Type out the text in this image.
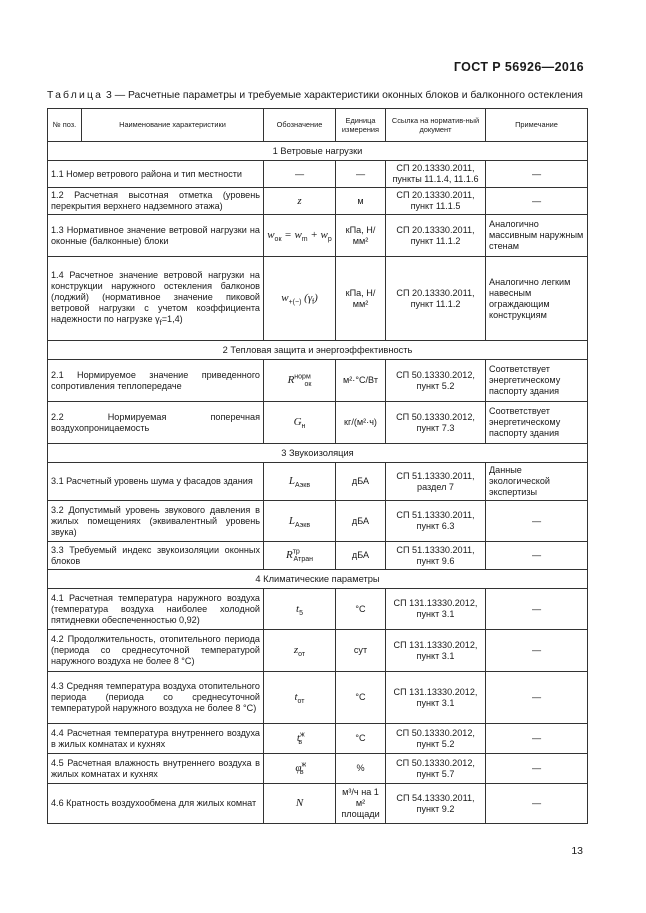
ГОСТ Р 56926—2016
Таблица 3 — Расчетные параметры и требуемые характеристики оконных блоков и балконного остекления
№ поз.	Наименование характеристики	Обозначение	Единица измерения	Ссылка на норматив-ный документ	Примечание
1 Ветровые нагрузки					
1.1 Номер ветрового района и тип местности		—	—	СП 20.13330.2011, пункты 11.1.4, 11.1.6	—
1.2 Расчетная высотная отметка (уровень перекрытия верхнего надземного этажа)		z	м	СП 20.13330.2011, пункт 11.1.5	—
1.3 Нормативное значение ветровой нагрузки на оконные (балконные) блоки		$w_{ок} = w_m + w_p$	кПа, Н/мм²	СП 20.13330.2011, пункт 11.1.2	Аналогично массивным наружным стенам
1.4 Расчетное значение ветровой нагрузки на конструкции наружного остекления балконов (лоджий) (нормативное значение пиковой ветровой нагрузки с учетом коэффициента надежности по нагрузке $\gamma_f=1,4$)		$w_{+(-)}$ $(\gamma_f)$	кПа, Н/мм²	СП 20.13330.2011, пункт 11.1.2	Аналогично легким навесным ограждающим конструкциям
2 Тепловая защита и энергоэффективность					
2.1 Нормируемое значение приведенного сопротивления теплопередаче		$R^{норм}_{ок}$	м²·°С/Вт	СП 50.13330.2012, пункт 5.2	Соответствует энергетическому паспорту здания
2.2 Нормируемая поперечная воздухопроницаемость		$G_н$	кг/(м²·ч)	СП 50.13330.2012, пункт 7.3	Соответствует энергетическому паспорту здания
3 Звукоизоляция					
3.1 Расчетный уровень шума у фасадов здания		$L_{Aэкв}$	дБА	СП 51.13330.2011, раздел 7	Данные экологической экспертизы
3.2 Допустимый уровень звукового давления в жилых помещениях (эквивалентный уровень звука)		$L_{Aэкв}$	дБА	СП 51.13330.2011, пункт 6.3	—
3.3 Требуемый индекс звукоизоляции оконных блоков		$R^{тр}_{Aтран}$	дБА	СП 51.13330.2011, пункт 9.6	—
4 Климатические параметры					
4.1 Расчетная температура наружного воздуха (температура воздуха наиболее холодной пятидневки обеспеченностью 0,92)		$t_5$	°С	СП 131.13330.2012, пункт 3.1	—
4.2 Продолжительность, отопительного периода (периода со среднесуточной температурой наружного воздуха не более 8 °С)		$z_{от}$	сут	СП 131.13330.2012, пункт 3.1	—
4.3 Средняя температура воздуха отопительного периода (периода со среднесуточной температурой наружного воздуха не более 8 °С)		$t_{от}$	°С	СП 131.13330.2012, пункт 3.1	—
4.4 Расчетная температура внутреннего воздуха в жилых комнатах и кухнях		$t^ж_в$	°С	СП 50.13330.2012, пункт 5.2	—
4.5 Расчетная влажность внутреннего воздуха в жилых комнатах и кухнях		$\varphi^ж_в$	%	СП 50.13330.2012, пункт 5.7	—
4.6 Кратность воздухообмена для жилых комнат		N	м³/ч на 1 м² площади	СП 54.13330.2011, пункт 9.2	—
13
